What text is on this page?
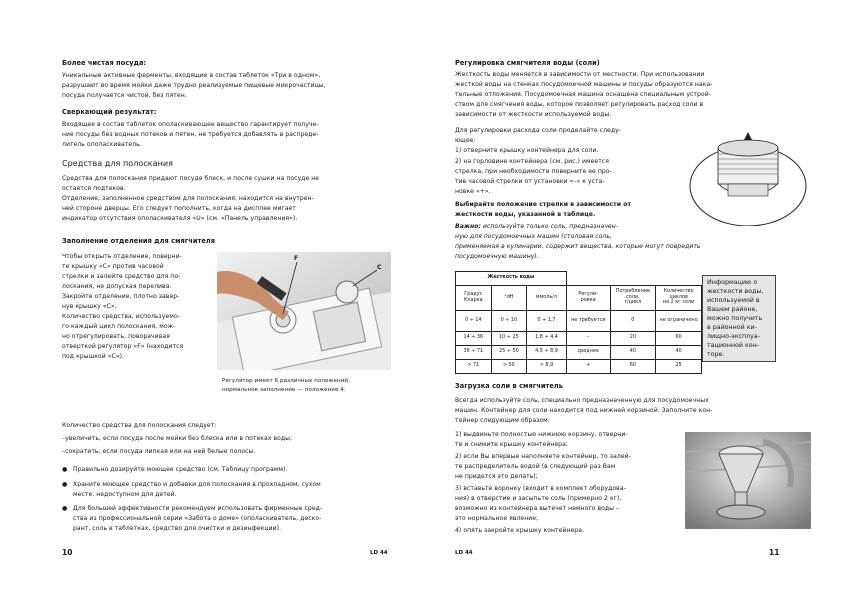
Более чистая посуда:
Уникальные активные ферменты, входящие в состав таблеток «Три в одном»,
разрушают во время мойки даже трудно реализуемые пищевые микрочастицы,
посуда получается чистой, без пятен.
Сверкающий результат:
Входящее в состав таблеток ополаскивающее вещество гарантирует получе-
ние посуды без водных потеков и пятен, не требуется добавлять в распреде-
литель ополаскиватель.
Средства для полоскания
Средства для полоскания придают посуде блеск, и после сушки на посуде не
остается подтеков.
Отделение, заполненное средством для полоскания, находится на внутрен-
ней стороне дверцы. Его следует пополнить, когда на дисплее мигает
индикатор отсутствия ополаскивателя «U» (см. «Панель управления»).
Заполнение отделения для смягчителя
Чтобы открыть отделение, поверни-
те крышку «С» против часовой
стрелки и залейте средство для по-
лоскания, не допуская перелива.
Закройте отделение, плотно завер-
нув крышку «С».
Количество средства, используемо-
го каждый цикл полоскания, мож-
но отрегулировать, поворачивая
отверткой регулятор «F» (находится
под крышкой «С»).
F
C
Регулятор имеет 6 различных положений,
нормальное заполнение — положение 4.
Количество средства для полоскания следует:
–увеличить, если посуда после мойки без блеска или в потеках воды;
–сократить, если посуда липкая или на ней белые полосы.
● Правильно дозируйте моющее средство (см. Таблицу программ).
● Храните моющее средство и добавки для полоскания в прохладном, сухом
месте, недоступном для детей.
● Для большей эффективности рекомендуем использовать фирменные сред-
ства из профессиональной серии «Забота о доме» (ополаскиватель, деско-
рант, соль в таблетках, средство для очистки и дезинфекции).
10	LD 44
Регулировка смягчителя воды (соли)
Жесткость воды меняется в зависимости от местности. При использовании
жесткой воды на стенках посудомоечной машины и посуды образуются нака-
тельные отложения. Посудомоечная машина оснащена специальным устрой-
ством для смягчения воды, которое позволяет регулировать расход соли в
зависимости от жесткости используемой воды.
Для регулировки расхода соли проделайте следу-
ющее:
1) отверните крышку контейнера для соли.
2) на горловине контейнера (см. рис.) имеется
стрелка, при необходимости поверните ее про-
тив часовой стрелки от установки «–» к уста-
новке «+».
Выбирайте положение стрелки в зависимости от
жесткости воды, указанной в таблице.
Важно: используйте только соль, предназначен-
ную для посудомоечных машин (столовая соль,
применяемая в кулинарии, содержит вещества, которые могут повредить
посудомоечную машину).
Жесткость воды					
Градус
Кларка	°dH	ммоль/л	Регули-
ровка	Потребление
соли,
г/цикл	Количество
циклов
на 2 кг соли
0 ÷ 14	0 ÷ 10	0 ÷ 1,7	не требуется	0	не ограничено
14 ÷ 36	10 ÷ 25	1,8 ÷ 4,4	–	20	60
36 ÷ 71	25 ÷ 50	4,5 ÷ 8,9	среднее	40	40
> 71	> 50	> 8,9	+	60	25
Информацию о
жесткости воды,
используемой в
Вашем районе,
можно получить
в районной ки-
лищно-эксплуа-
тационной кон-
торе.
Загрузка соли в смягчитель
Всегда используйте соль, специально предназначенную для посудомоечных
машин. Контейнер для соли находится под нижней корзиной. Заполните кон-
тейнер следующим образом:
1) выдвиньте полностью нижнюю корзину, отверни-
те и снимите крышку контейнера;
2) если Вы впервые наполняете контейнер, то залей-
те распределитель водой (в следующий раз Вам
не придется это делать);
3) вставьте воронку (входит в комплект оборудова-
ния) в отверстие и засыпьте соль (примерно 2 кг),
возможно из контейнера вытечет немного воды –
это нормальное явление;
4) опять закройте крышку контейнера.
LD 44	11
